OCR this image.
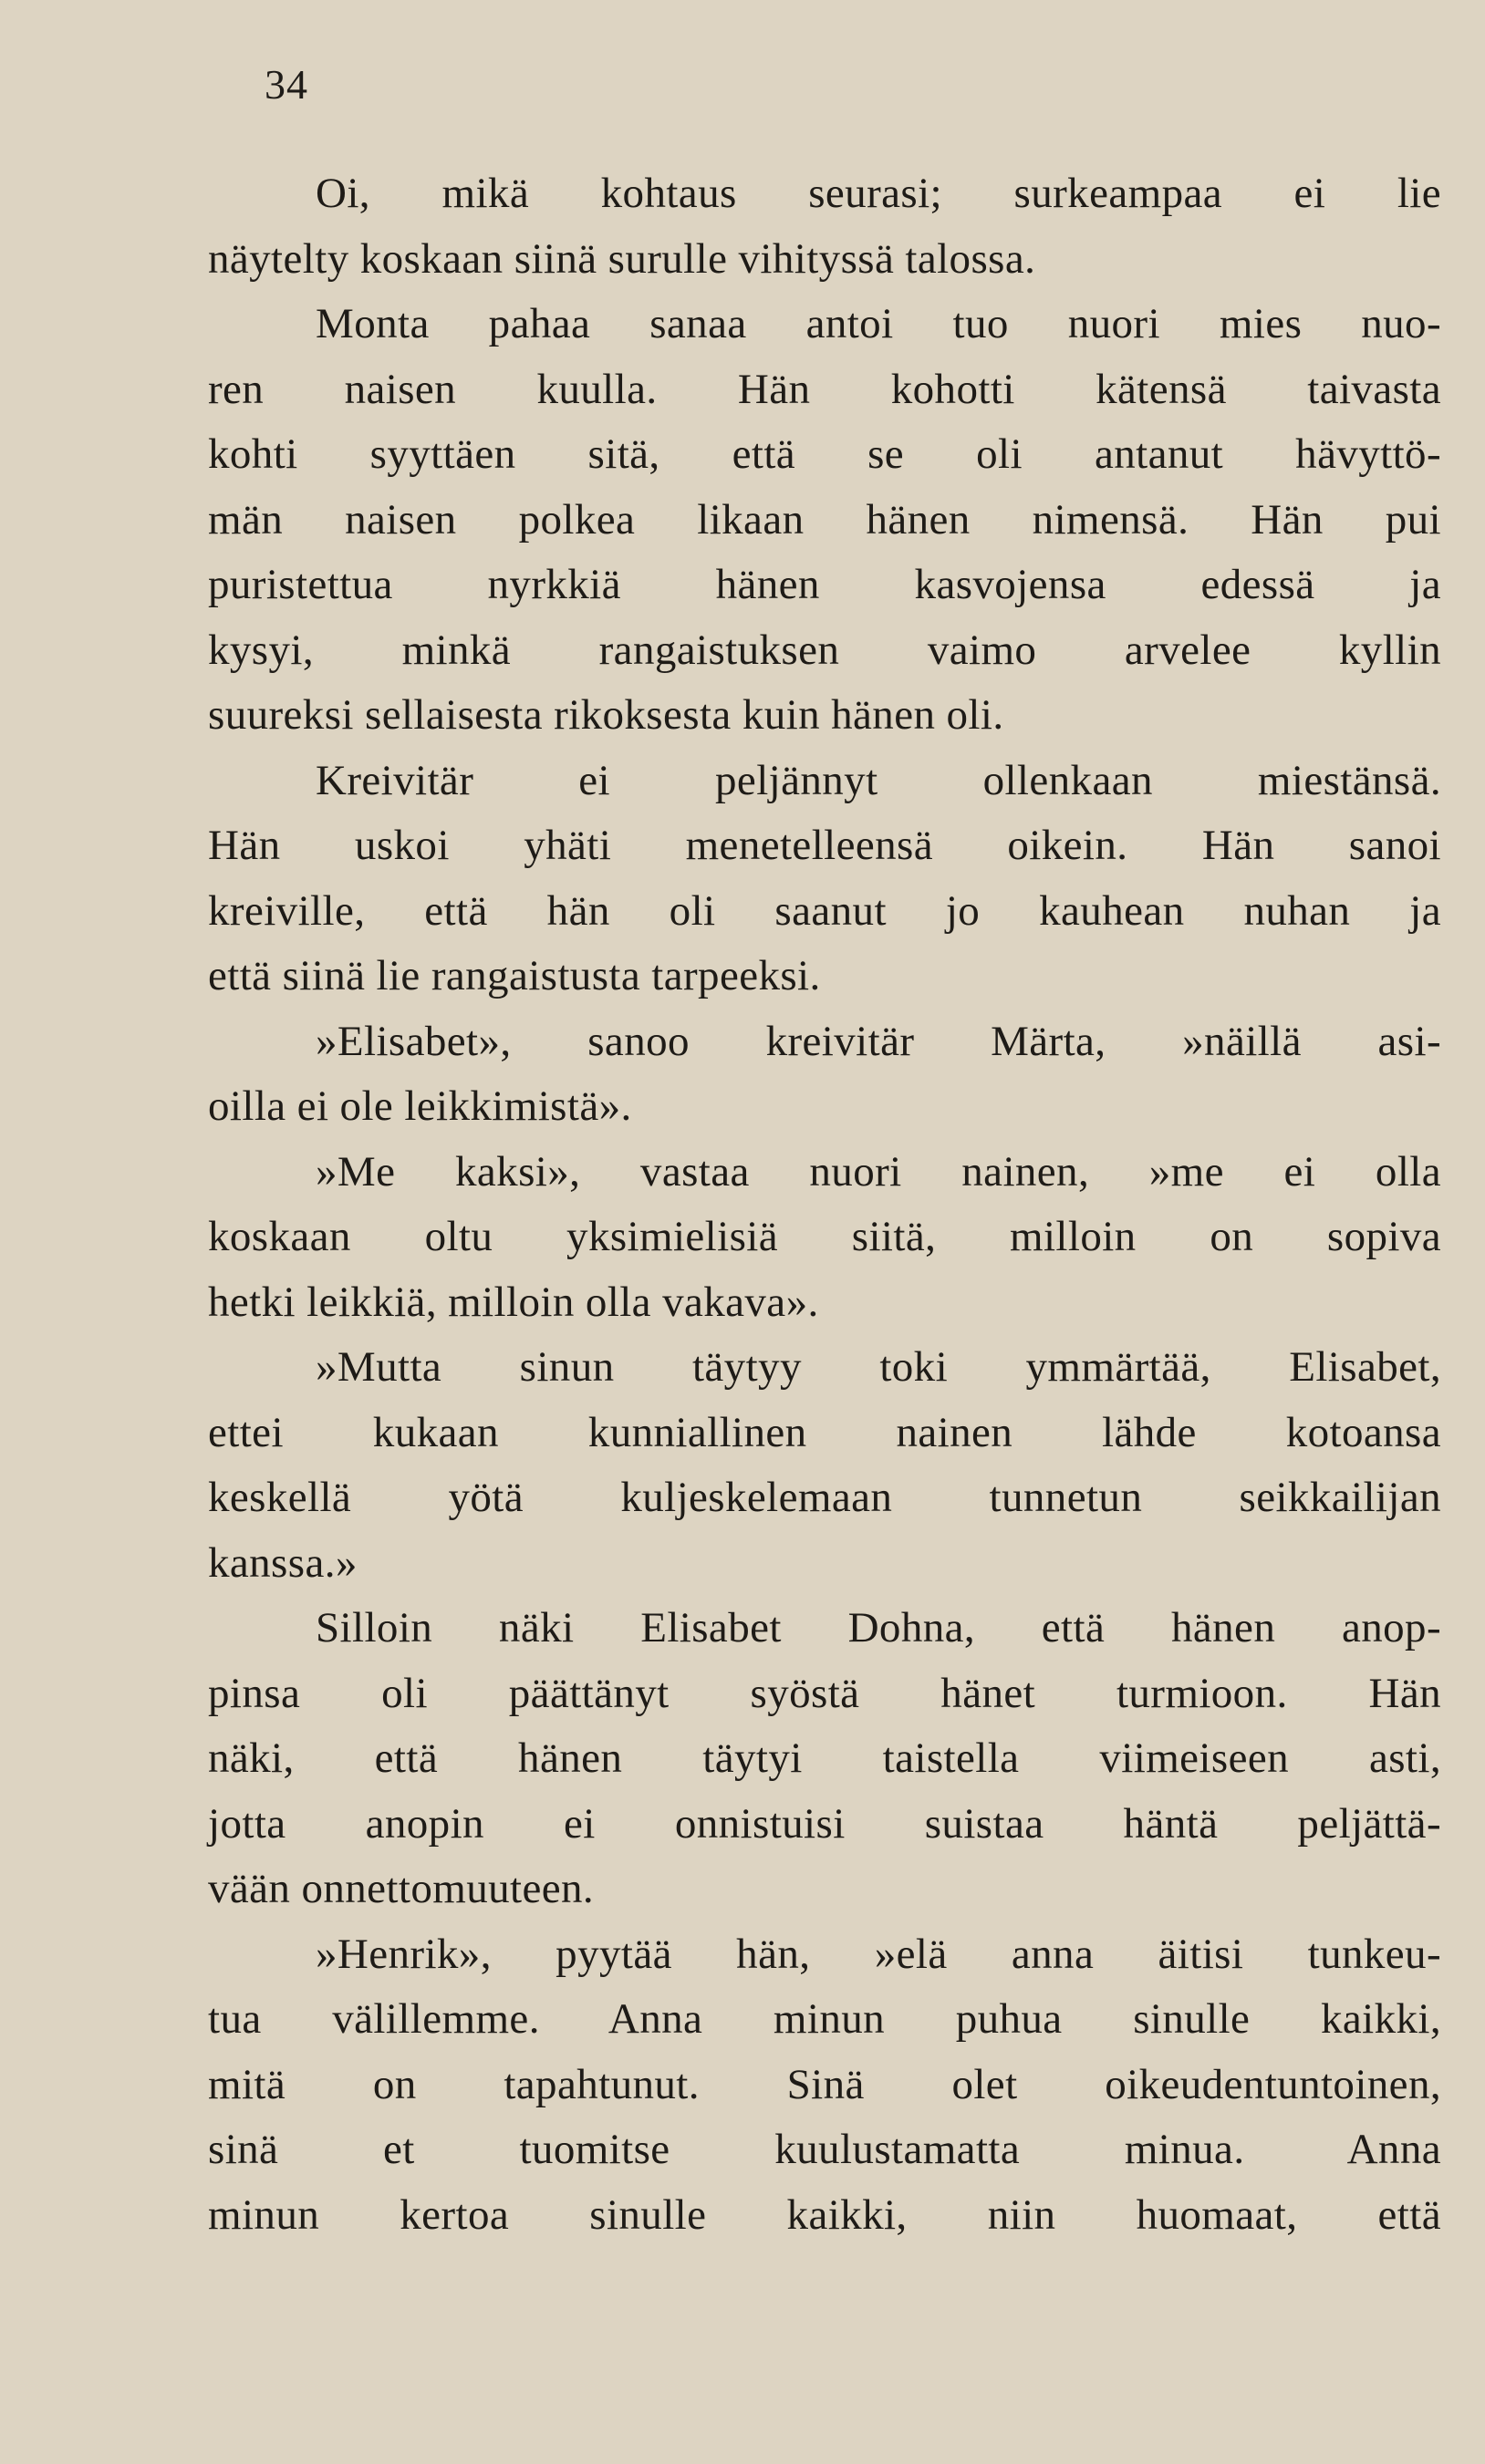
34
Oi, mikä kohtaus seurasi; surkeampaa ei lie
näytelty koskaan siinä surulle vihityssä talossa.
Monta pahaa sanaa antoi tuo nuori mies nuo-
ren naisen kuulla. Hän kohotti kätensä taivasta
kohti syyttäen sitä, että se oli antanut hävyttö-
män naisen polkea likaan hänen nimensä. Hän pui
puristettua nyrkkiä hänen kasvojensa edessä ja
kysyi, minkä rangaistuksen vaimo arvelee kyllin
suureksi sellaisesta rikoksesta kuin hänen oli.
Kreivitär ei peljännyt ollenkaan miestänsä.
Hän uskoi yhäti menetelleensä oikein. Hän sanoi
kreiville, että hän oli saanut jo kauhean nuhan ja
että siinä lie rangaistusta tarpeeksi.
»Elisabet», sanoo kreivitär Märta, »näillä asi-
oilla ei ole leikkimistä».
»Me kaksi», vastaa nuori nainen, »me ei olla
koskaan oltu yksimielisiä siitä, milloin on sopiva
hetki leikkiä, milloin olla vakava».
»Mutta sinun täytyy toki ymmärtää, Elisabet,
ettei kukaan kunniallinen nainen lähde kotoansa
keskellä yötä kuljeskelemaan tunnetun seikkailijan
kanssa.»
Silloin näki Elisabet Dohna, että hänen anop-
pinsa oli päättänyt syöstä hänet turmioon. Hän
näki, että hänen täytyi taistella viimeiseen asti,
jotta anopin ei onnistuisi suistaa häntä peljättä-
vään onnettomuuteen.
»Henrik», pyytää hän, »elä anna äitisi tunkeu-
tua välillemme. Anna minun puhua sinulle kaikki,
mitä on tapahtunut. Sinä olet oikeudentuntoinen,
sinä et tuomitse kuulustamatta minua. Anna
minun kertoa sinulle kaikki, niin huomaat, että
